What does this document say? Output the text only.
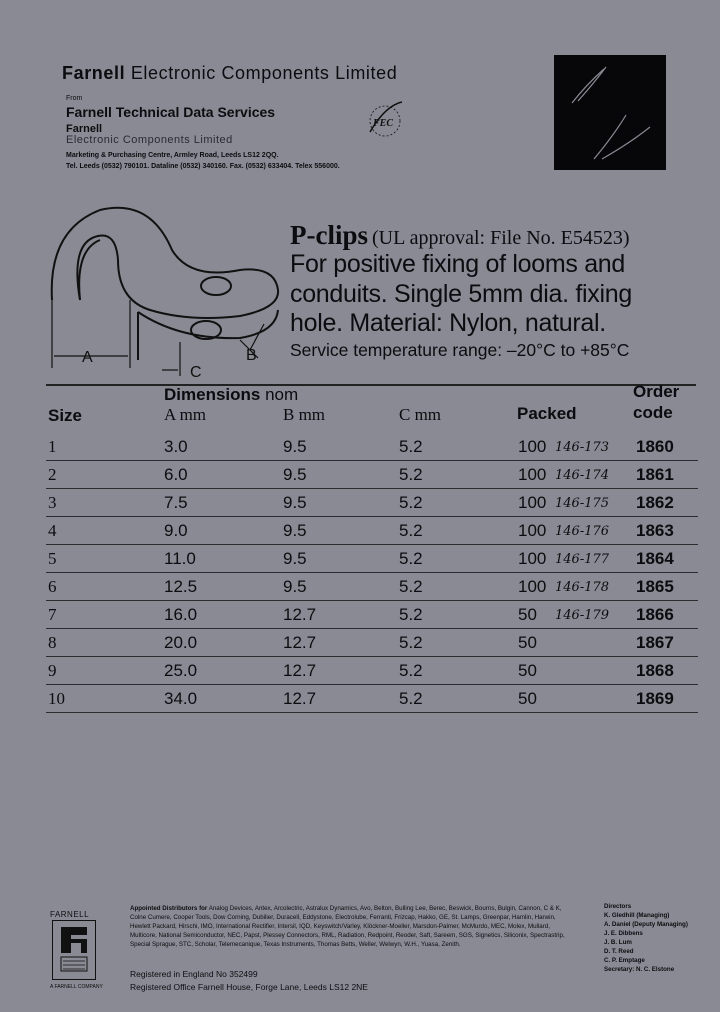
Farnell Electronic Components Limited
From
Farnell Technical Data Services
Farnell
Electronic Components Limited
Marketing & Purchasing Centre, Armley Road, Leeds LS12 2QQ.
Tel. Leeds (0532) 790101. Dataline (0532) 340160. Fax. (0532) 633404. Telex 556000.
FEC
A
C
B
P-clips (UL approval: File No. E54523)
For positive fixing of looms and
conduits. Single 5mm dia. fixing
hole. Material: Nylon, natural.
Service temperature range: –20°C to +85°C
Dimensions nom
Size	A mm	B mm	C mm	Packed
Order
code
1	3.0	9.5	5.2	100 146-173 1860
2	6.0	9.5	5.2	100 146-174 1861
3	7.5	9.5	5.2	100 146-175 1862
4	9.0	9.5	5.2	100 146-176 1863
5	11.0	9.5	5.2	100 146-177 1864
6	12.5	9.5	5.2	100 146-178 1865
7	16.0	12.7	5.2	50 146-179 1866
8	20.0	12.7	5.2	50	1867
9	25.0	12.7	5.2	50	1868
10	34.0	12.7	5.2	50	1869
FARNELL
A FARNELL COMPANY
Appointed Distributors for Analog Devices, Antex, Arcolectric, Astralux Dynamics, Avo, Belton, Bulling Lee, Berec, Beswick, Bourns, Bulgin, Cannon, C & K, Colne Cumere, Cooper Tools, Dow Corning, Dubilier, Duracell, Eddystone, Electrolube, Ferranti, Frizcap, Hakko, GE, St. Lamps, Greenpar, Hamlin, Harwin, Hewlett Packard, Hirschi, IMO, International Rectifier, Intersil, IQD, Keyswitch/Varley, Klöckner-Moeller, Marsdon-Palmer, McMurdo, MEC, Molex, Mullard, Multicore, National Semiconductor, NEC, Papst, Plessey Connectors, RML, Radiation, Redpoint, Reoder, Saft, Sareem, SGS, Signetics, Siliconix, Spectrastrip, Special Sprague, STC, Scholar, Telemecanique, Texas Instruments, Thomas Betts, Weller, Welwyn, W.H., Yuasa, Zenith.
Registered in England No 352499
Registered Office Farnell House, Forge Lane, Leeds LS12 2NE
Directors
K. Gledhill (Managing)
A. Daniel (Deputy Managing)
J. E. Dibbens
J. B. Lum
D. T. Reed
C. P. Emptage
Secretary: N. C. Elstone
